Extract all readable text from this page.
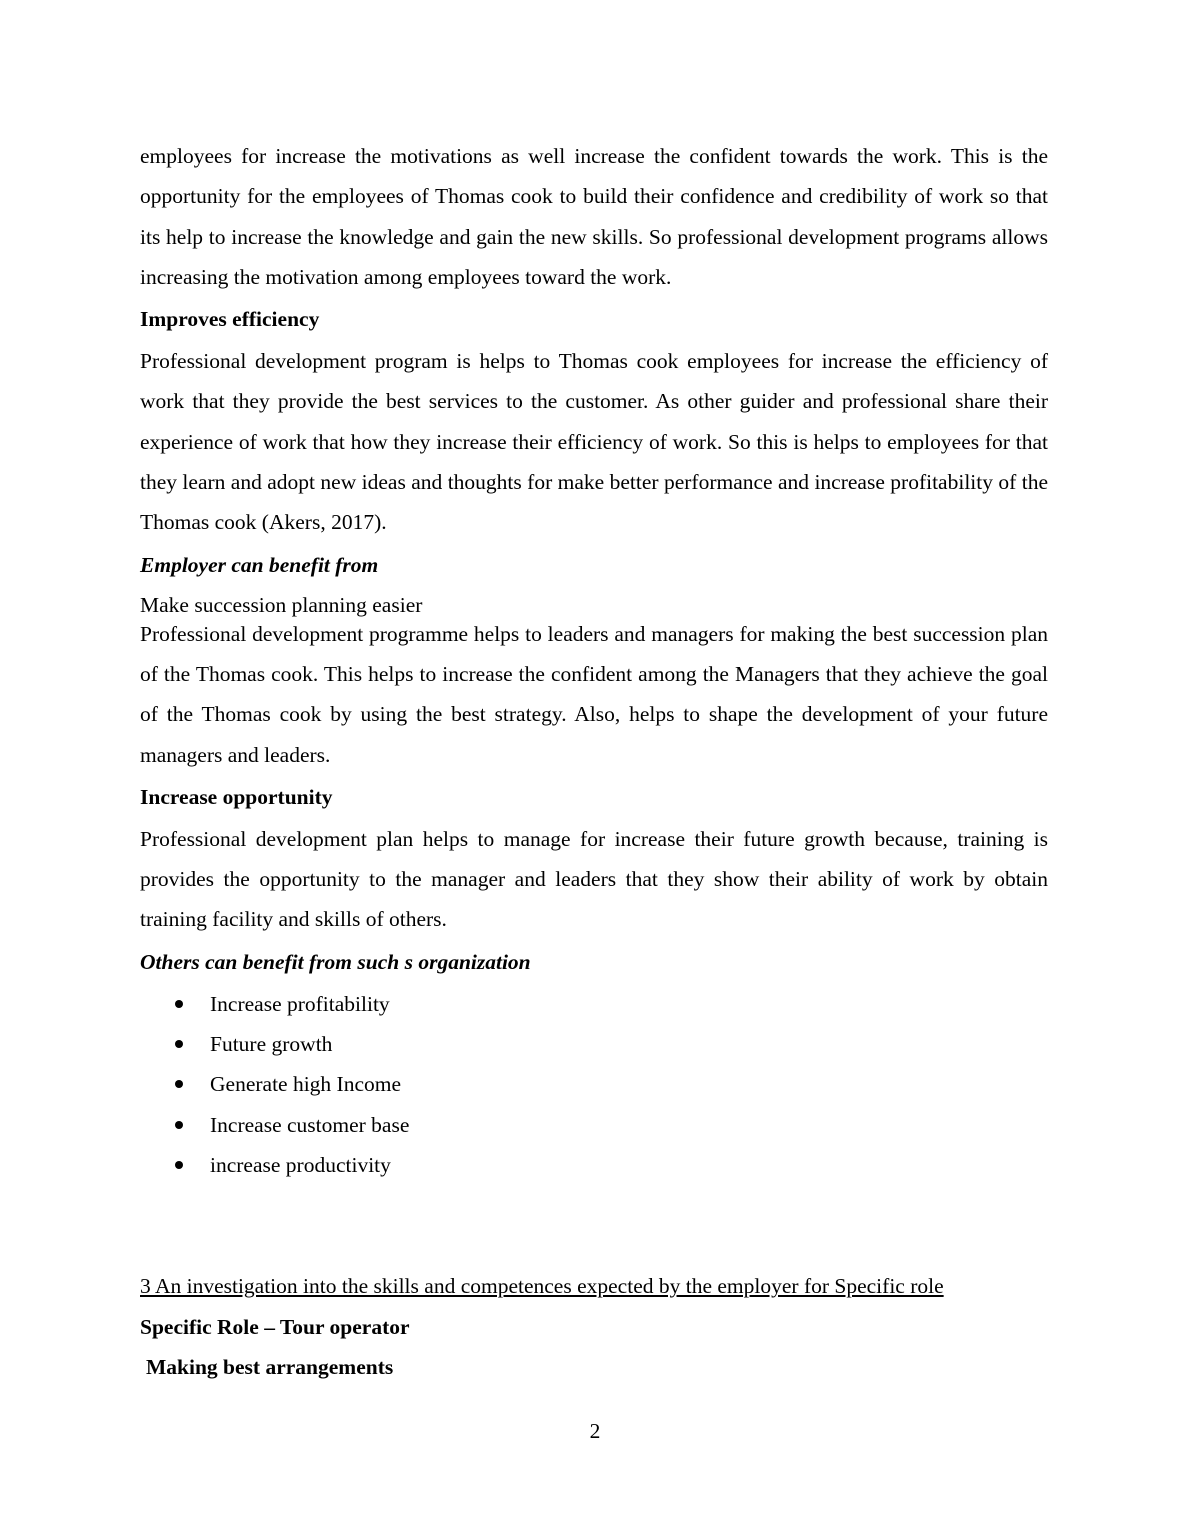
employees for increase the motivations as well increase the confident towards the work. This is the opportunity for the employees of Thomas cook to build their confidence and credibility of work so that its help to increase the knowledge and gain the new skills. So professional development programs allows increasing the motivation among employees toward the work.

Improves efficiency

Professional development program is helps to Thomas cook employees for increase the efficiency of work that they provide the best services to the customer. As other guider and professional share their experience of work that how they increase their efficiency of work. So this is helps to employees for that they learn and adopt new ideas and thoughts for make better performance and increase profitability of the Thomas cook (Akers, 2017).

Employer can benefit from

Make succession planning easier

Professional development programme helps to leaders and managers for making the best succession plan of the Thomas cook. This helps to increase the confident among the Managers that they achieve the goal of the Thomas cook by using the best strategy. Also, helps to shape the development of your future managers and leaders.

Increase opportunity

Professional development plan helps to manage for increase their future growth because, training is provides the opportunity to the manager and leaders that they show their ability of work by obtain training facility and skills of others.

Others can benefit from such s organization

Increase profitability
Future growth
Generate high Income
Increase customer base
increase productivity

3 An investigation into the skills and competences expected by the employer for Specific role

Specific Role – Tour operator

Making best arrangements

2
